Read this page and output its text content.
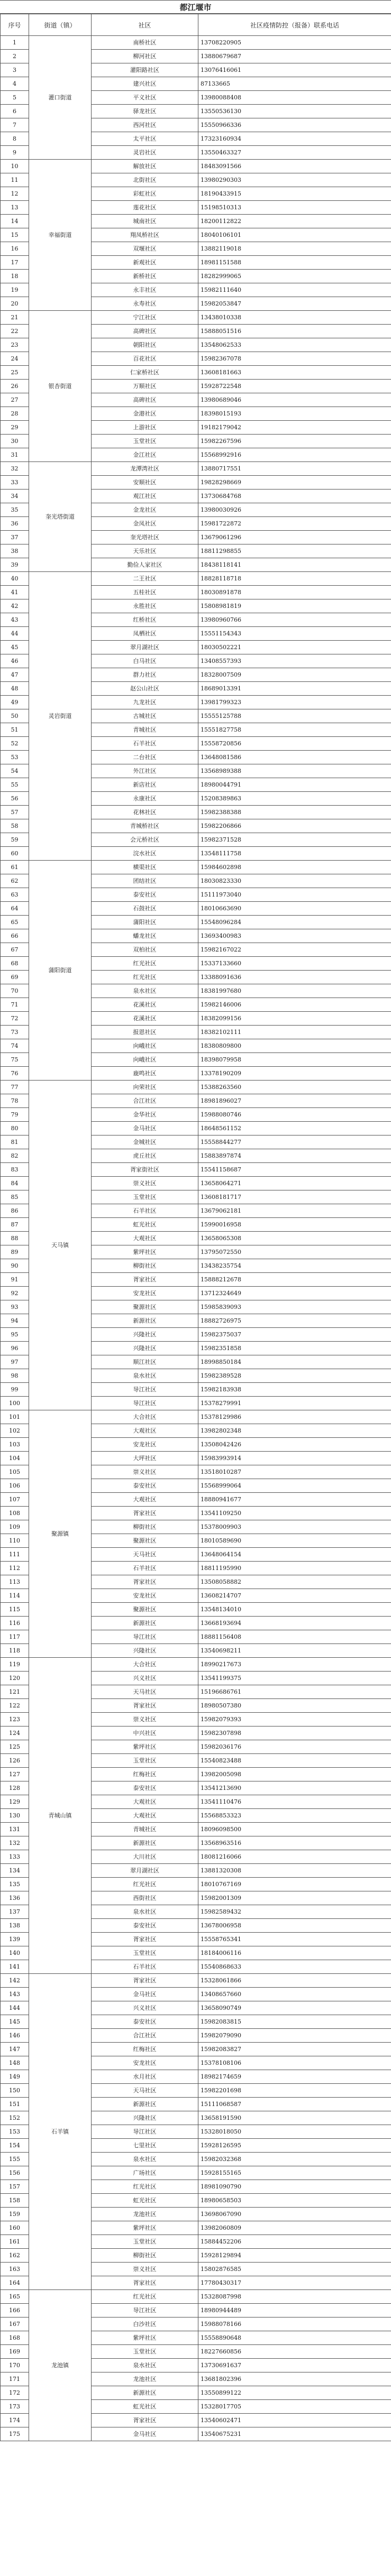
都江堰市
序号	街道（镇）	社区	社区疫情防控（报备）联系电话
1	灌口街道	南桥社区	13708220905
2		柳河社区	13880679687
3		灌阳路社区	13076416061
4		建兴社区	87133665
5		平义社区	13980088408
6		驿龙社区	13550536130
7		西河社区	15550966336
8		太平社区	17323160934
9		灵岩社区	13550463327
10	幸福街道	解放社区	18483091566
11		北街社区	13980290303
12		彩虹社区	18190433915
13		莲花社区	15198510313
14		城南社区	18200112822
15		翔凤桥社区	18040106101
16		双堰社区	13882119018
17		新观社区	18981151588
18		新桥社区	18282999065
19		永丰社区	15982111640
20		永寿社区	15982053847
21	银杏街道	宁江社区	13438010338
22		高碑社区	15888051516
23		朝阳社区	13548062533
24		百花社区	15982367078
25		仁家桥社区	13608181663
26		万顺社区	15928722548
27		高碑社区	13980689046
28		金港社区	18398015193
29		上游社区	19182179042
30		玉堂社区	15982267596
31		金江社区	15568992916
32	奎光塔街道	龙潭湾社区	13880717551
33		安顺社区	19828298669
34		观江社区	13730684768
35		金龙社区	13980030926
36		金凤社区	15981722872
37		奎光塔社区	13679061296
38		天乐社区	18811298855
39		勤俭人家社区	18438118141
40	灵岩街道	二王社区	18828118718
41		五桂社区	18030891878
42		永胜社区	15808981819
43		红桥社区	13980960766
44		凤栖社区	15551154343
45		翠月湖社区	18030502221
46		白马社区	13408557393
47		群力社区	18328007509
48		赵公山社区	18689013391
49		九龙社区	13981799323
50		古城社区	15555125788
51		青城社区	15551827758
52		石羊社区	15558720856
53		二台社区	13648081586
54		外江社区	13568989388
55		新店社区	18980044791
56		永康社区	15208389863
57		花林社区	15982388388
58		青城桥社区	15982206866
59		会元桥社区	15982371528
60		浣水社区	13548111758
61	蒲阳街道	横渠社区	15984602898
62		团结社区	18030823330
63		泰安社区	15111973040
64		石鼓社区	18010663690
65		蒲阳社区	15548096284
66		蟠龙社区	13693400983
67		双柏社区	15982167022
68		红光社区	15337133660
69		红光社区	13388091636
70		泉水社区	18381997680
71		花溪社区	15982146006
72		花溪社区	18382099156
73		报恩社区	18382102111
74		向峨社区	18380809800
75		向峨社区	18398079958
76		鹿鸣社区	13378190209
77	天马镇	向荣社区	15388263560
78		合江社区	18981896027
79		金华社区	15988080746
80		金马社区	18648561152
81		金城社区	15558844277
82		虎丘社区	15883897874
83		胥家街社区	15541158687
84		崇义社区	13658064271
85		玉堂社区	13608181717
86		石羊社区	13679062181
87		虹光社区	15990016958
88		大观社区	13658065308
89		紫坪社区	13795072550
90		柳街社区	13438235754
91		胥家社区	15888212678
92		安龙社区	13712324649
93		聚源社区	15985839093
94		新源社区	18882726975
95		兴隆社区	15982375037
96		兴隆社区	15982351858
97		顺江社区	18998850184
98		泉水社区	15982389528
99		导江社区	15982183938
100		导江社区	15378279991
101	聚源镇	大合社区	15378129986
102		大观社区	13982802348
103		安龙社区	13508042426
104		大坪社区	15983993914
105		崇义社区	13518010287
106		泰安社区	15568999064
107		大观社区	18880941677
108		胥家社区	13541109250
109		柳街社区	15378009903
110		聚源社区	18010589690
111		天马社区	13648064154
112		石羊社区	18811195990
113		胥家社区	13508058882
114		安龙社区	13608214707
115		聚源社区	13548134010
116		新源社区	13668193694
117		导江社区	18881156408
118		兴隆社区	13540698211
119	青城山镇	大合社区	18990217673
120		兴义社区	13541199375
121		天马社区	15196686761
122		胥家社区	18980507380
123		崇义社区	15982079393
124		中兴社区	15982307898
125		紫坪社区	15982036176
126		玉堂社区	15540823488
127		红梅社区	13982005098
128		泰安社区	13541213690
129		大观社区	13541110476
130		大观社区	15568853323
131		青城社区	18096098500
132		新源社区	13568963516
133		大川社区	18081216066
134		翠月湖社区	13881320308
135		红光社区	18010767169
136		西街社区	15982001309
137		泉水社区	15982589432
138		泰安社区	13678006958
139		胥家社区	15558765341
140		玉堂社区	18184006116
141		石羊社区	15540868633
142	石羊镇	胥家社区	15328061866
143		金马社区	13408657660
144		兴义社区	13658090749
145		泰安社区	15982083815
146		合江社区	15982079090
147		红梅社区	15982083827
148		安龙社区	15378108106
149		水月社区	18982174659
150		天马社区	15982201698
151		新源社区	15111068587
152		兴隆社区	13658191590
153		导江社区	15328018050
154		七里社区	15928126595
155		泉水社区	15982032368
156		广场社区	15928155165
157		红光社区	18981090790
158		虹光社区	18980658503
159		龙池社区	13698067090
160		紫坪社区	13982060809
161		玉堂社区	15884452206
162		柳街社区	15928129894
163		崇义社区	15802876585
164		胥家社区	17780430317
165	龙池镇	红光社区	15328087998
166		导江社区	18980944489
167		白沙社区	15988078166
168		紫坪社区	15558890648
169		玉堂社区	18227660856
170		泉水社区	13730691637
171		龙池社区	13681802396
172		新源社区	13550899122
173		虹光社区	15328017705
174		胥家社区	13540602471
175		金马社区	13540675231
